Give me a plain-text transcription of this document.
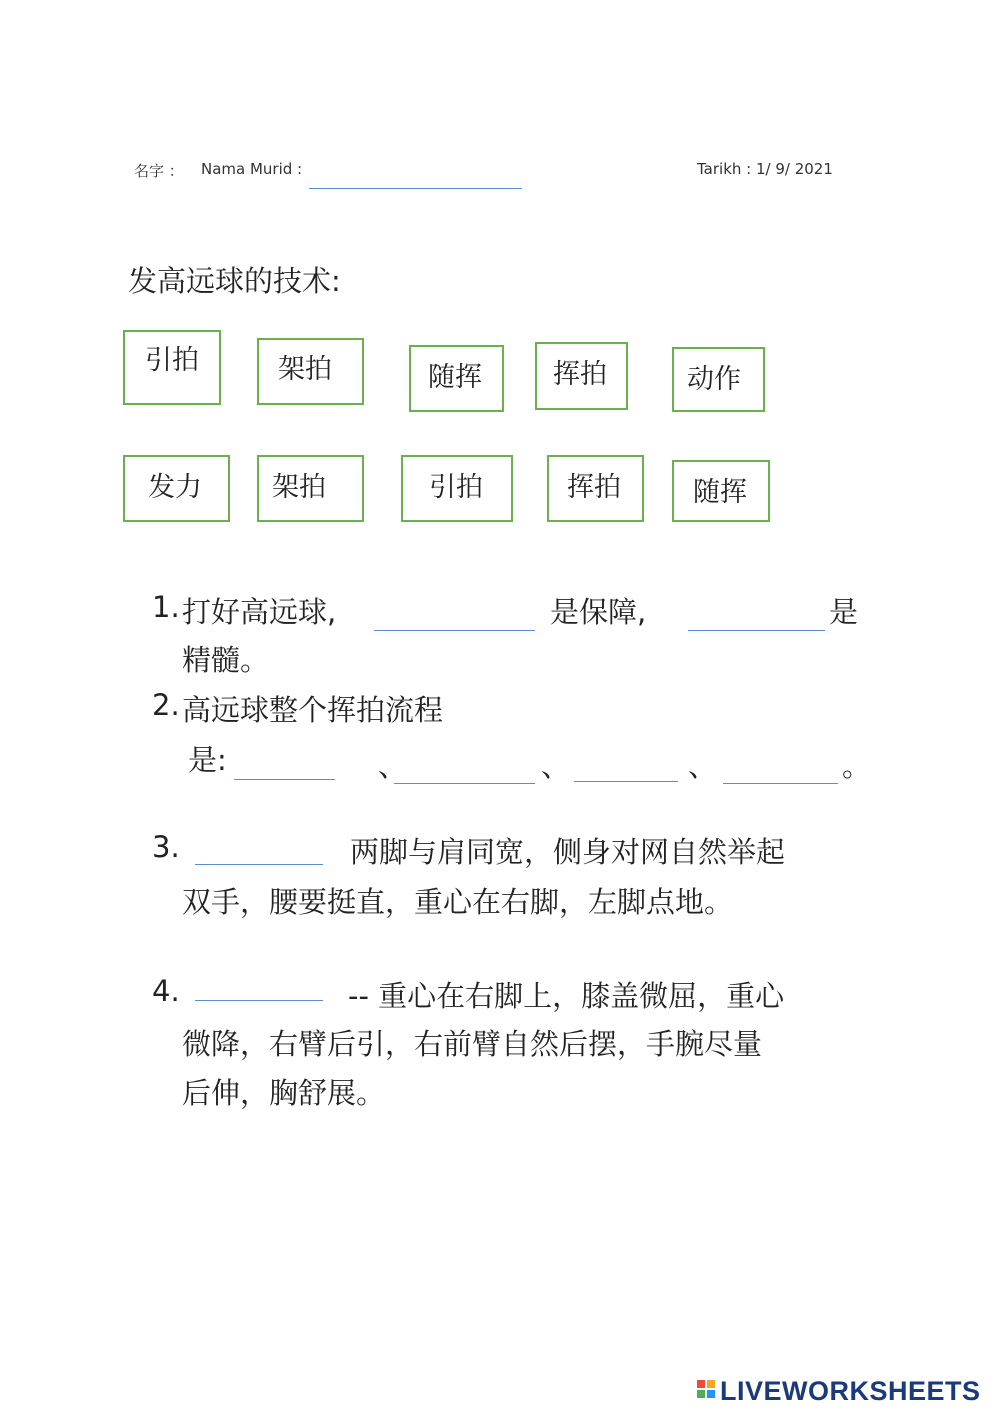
名字 ： Nama Murid :	Tarikh : 1/ 9/ 2021
发高远球的技术:
引拍	架拍	随挥	挥拍	动作
发力	架拍	引拍	挥拍	随挥
1. 打好高远球,	是保障,	是
精髓。
2. 高远球整个挥拍流程
是:	、	、	、	。
3.	两脚与肩同宽，侧身对网自然举起
双手，腰要挺直，重心在右脚，左脚点地。
4.	-- 重心在右脚上，膝盖微屈，重心
微降，右臂后引，右前臂自然后摆，手腕尽量
后伸，胸舒展。
LIVEWORKSHEETS
